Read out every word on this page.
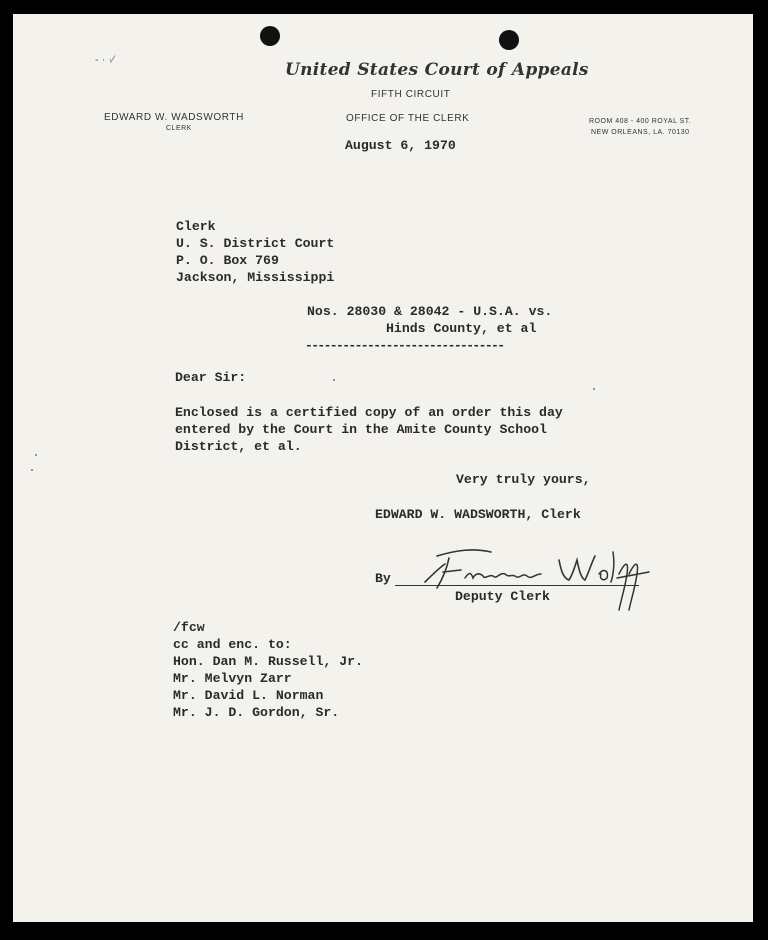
- · ·⁄	United States Court of Appeals
FIFTH CIRCUIT
EDWARD W. WADSWORTH
CLERK
OFFICE OF THE CLERK	ROOM 408 - 400 ROYAL ST.
NEW ORLEANS, LA. 70130
August 6, 1970
Clerk
U. S. District Court
P. O. Box 769
Jackson, Mississippi
Nos. 28030 & 28042 - U.S.A. vs.
Hinds County, et al
--------------------------------
Dear Sir:
Enclosed is a certified copy of an order this day
entered by the Court in the Amite County School
District, et al.
Very truly yours,
EDWARD W. WADSWORTH, Clerk
By
Deputy Clerk
/fcw
cc and enc. to:
Hon. Dan M. Russell, Jr.
Mr. Melvyn Zarr
Mr. David L. Norman
Mr. J. D. Gordon, Sr.
